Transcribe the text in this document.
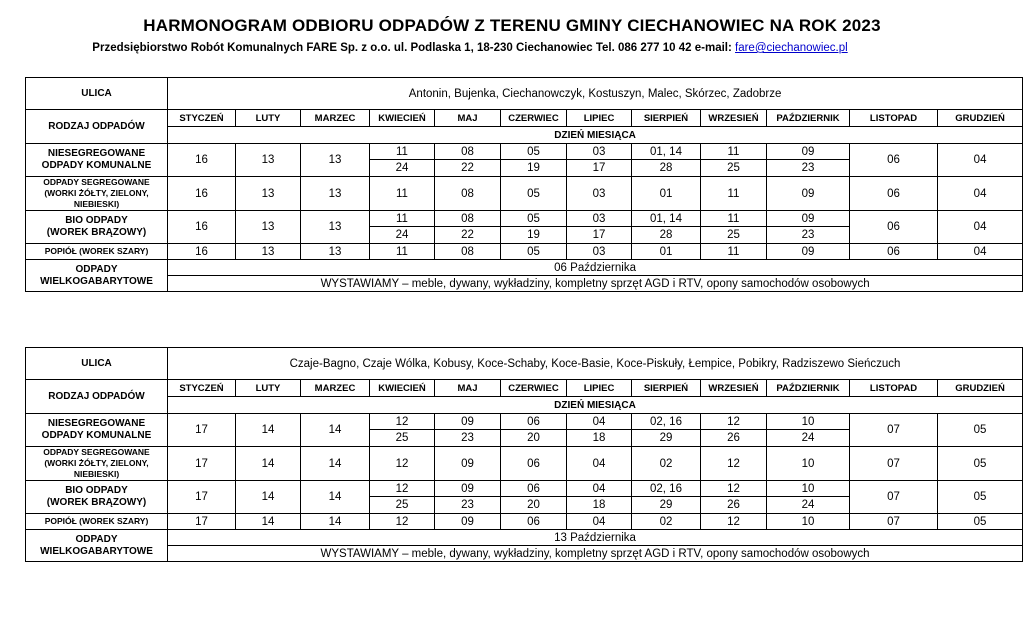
HARMONOGRAM ODBIORU ODPADÓW Z TERENU GMINY CIECHANOWIEC NA ROK 2023
Przedsiębiorstwo Robót Komunalnych FARE Sp. z o.o. ul. Podlaska 1, 18-230 Ciechanowiec Tel. 086 277 10 42 e-mail: fare@ciechanowiec.pl
ULICA	Antonin, Bujenka, Ciechanowczyk, Kostuszyn, Malec, Skórzec, Zadobrze											
RODZAJ ODPADÓW	STYCZEŃ	LUTY	MARZEC	KWIECIEŃ	MAJ	CZERWIEC	LIPIEC	SIERPIEŃ	WRZESIEŃ	PAŹDZIERNIK	LISTOPAD	GRUDZIEŃ
	DZIEŃ MIESIĄCA											
NIESEGREGOWANE
ODPADY KOMUNALNE	16	13	13	11	08	05	03	01, 14	11	09	06	04
				24	22	19	17	28	25	23		
ODPADY SEGREGOWANE
(WORKI ŻÓŁTY, ZIELONY,
NIEBIESKI)	16	13	13	11	08	05	03	01	11	09	06	04
BIO ODPADY
(WOREK BRĄZOWY)	16	13	13	11	08	05	03	01, 14	11	09	06	04
				24	22	19	17	28	25	23		
POPIÓŁ (WOREK SZARY)	16	13	13	11	08	05	03	01	11	09	06	04
ODPADY
WIELKOGABARYTOWE	06 Października											
	WYSTAWIAMY – meble, dywany, wykładziny, kompletny sprzęt AGD i RTV, opony samochodów osobowych											
ULICA	Czaje-Bagno, Czaje Wólka, Kobusy, Koce-Schaby, Koce-Basie, Koce-Piskuły, Łempice, Pobikry, Radziszewo Sieńczuch											
RODZAJ ODPADÓW	STYCZEŃ	LUTY	MARZEC	KWIECIEŃ	MAJ	CZERWIEC	LIPIEC	SIERPIEŃ	WRZESIEŃ	PAŹDZIERNIK	LISTOPAD	GRUDZIEŃ
	DZIEŃ MIESIĄCA											
NIESEGREGOWANE
ODPADY KOMUNALNE	17	14	14	12	09	06	04	02, 16	12	10	07	05
				25	23	20	18	29	26	24		
ODPADY SEGREGOWANE
(WORKI ŻÓŁTY, ZIELONY,
NIEBIESKI)	17	14	14	12	09	06	04	02	12	10	07	05
BIO ODPADY
(WOREK BRĄZOWY)	17	14	14	12	09	06	04	02, 16	12	10	07	05
				25	23	20	18	29	26	24		
POPIÓŁ (WOREK SZARY)	17	14	14	12	09	06	04	02	12	10	07	05
ODPADY
WIELKOGABARYTOWE	13 Października											
	WYSTAWIAMY – meble, dywany, wykładziny, kompletny sprzęt AGD i RTV, opony samochodów osobowych											
